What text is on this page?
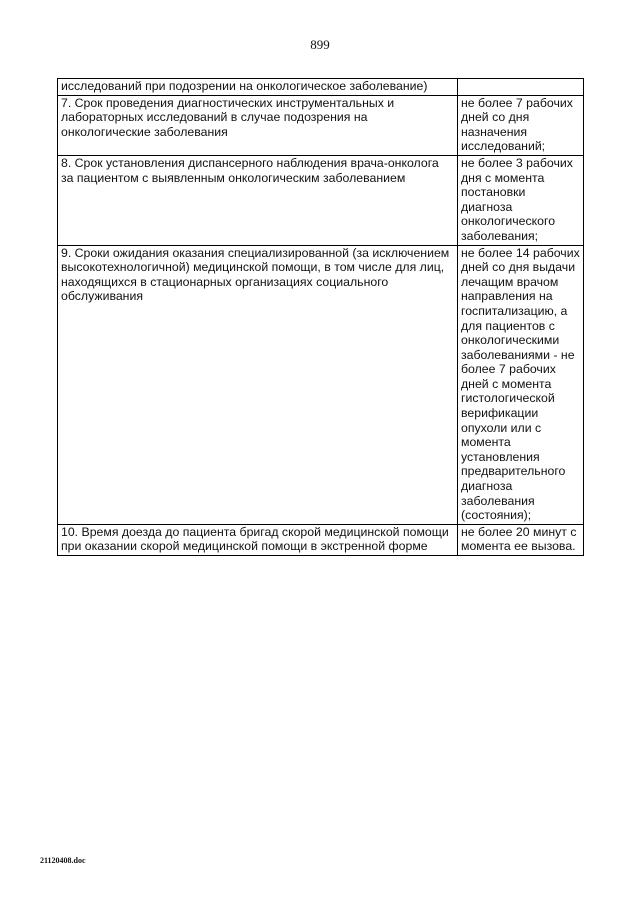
899
исследований при подозрении на онкологическое заболевание)	
7. Срок проведения диагностических инструментальных и лабораторных исследований в случае подозрения на онкологические заболевания	не более 7 рабочих дней со дня назначения исследований;
8. Срок установления диспансерного наблюдения врача-онколога за пациентом с выявленным онкологическим заболеванием	не более 3 рабочих дня с момента постановки диагноза онкологического заболевания;
9. Сроки ожидания оказания специализированной (за исключением высокотехнологичной) медицинской помощи, в том числе для лиц, находящихся в стационарных организациях социального обслуживания	не более 14 рабочих дней со дня выдачи лечащим врачом направления на госпитализацию, а для пациентов с онкологическими заболеваниями - не более 7 рабочих дней с момента гистологической верификации опухоли или с момента установления предварительного диагноза заболевания (состояния);
10. Время доезда до пациента бригад скорой медицинской помощи при оказании скорой медицинской помощи в экстренной форме	не более 20 минут с момента ее вызова.
21120408.doc
